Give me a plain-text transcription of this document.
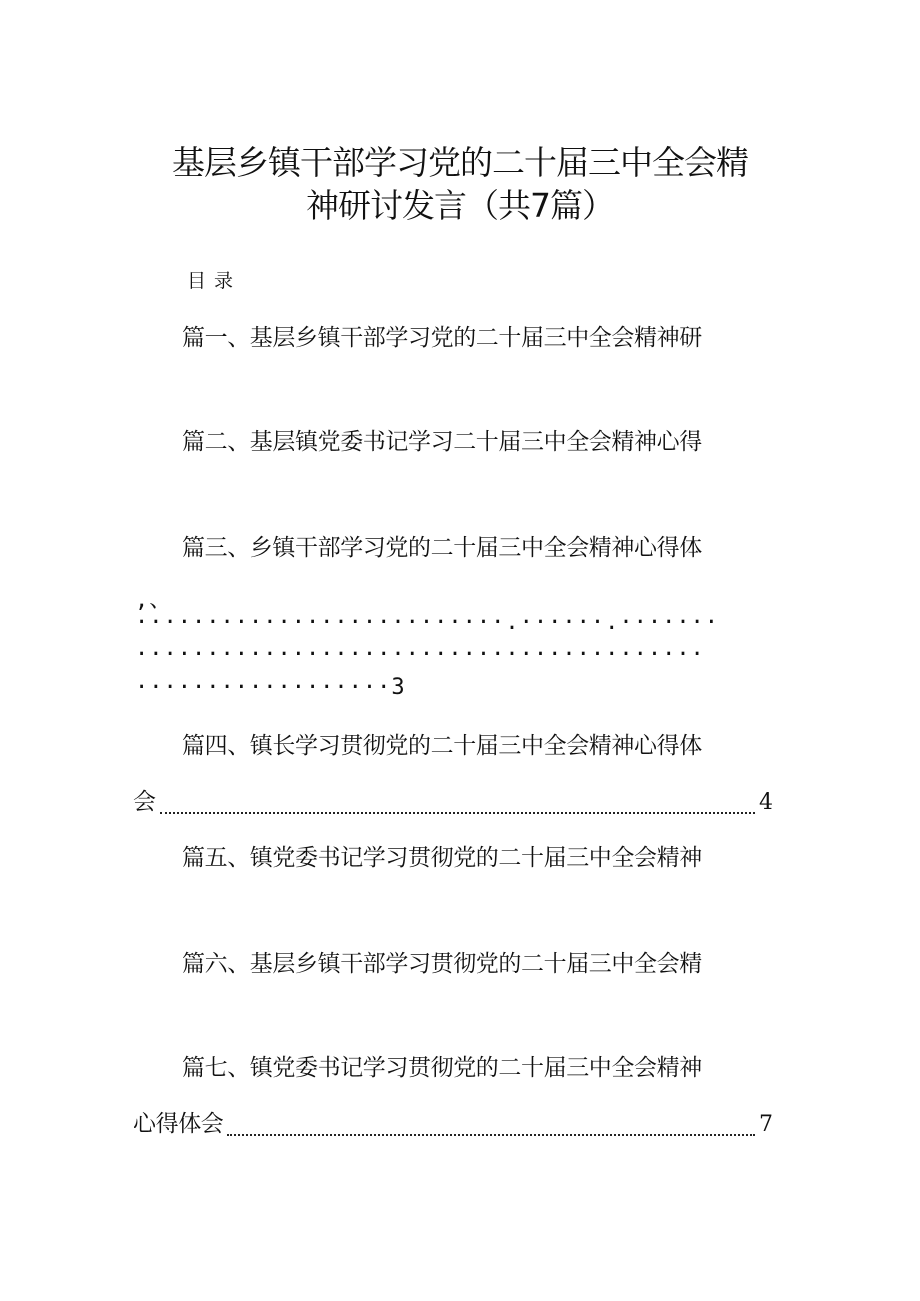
基层乡镇干部学习党的二十届三中全会精
神研讨发言（共7篇）
目录
篇一、基层乡镇干部学习党的二十届三中全会精神研
篇二、基层镇党委书记学习二十届三中全会精神心得
篇三、乡镇干部学习党的二十届三中全会精神心得体
,、
··························.······.·······
········································
··················3
篇四、镇长学习贯彻党的二十届三中全会精神心得体
会	4
篇五、镇党委书记学习贯彻党的二十届三中全会精神
篇六、基层乡镇干部学习贯彻党的二十届三中全会精
篇七、镇党委书记学习贯彻党的二十届三中全会精神
心得体会	7
